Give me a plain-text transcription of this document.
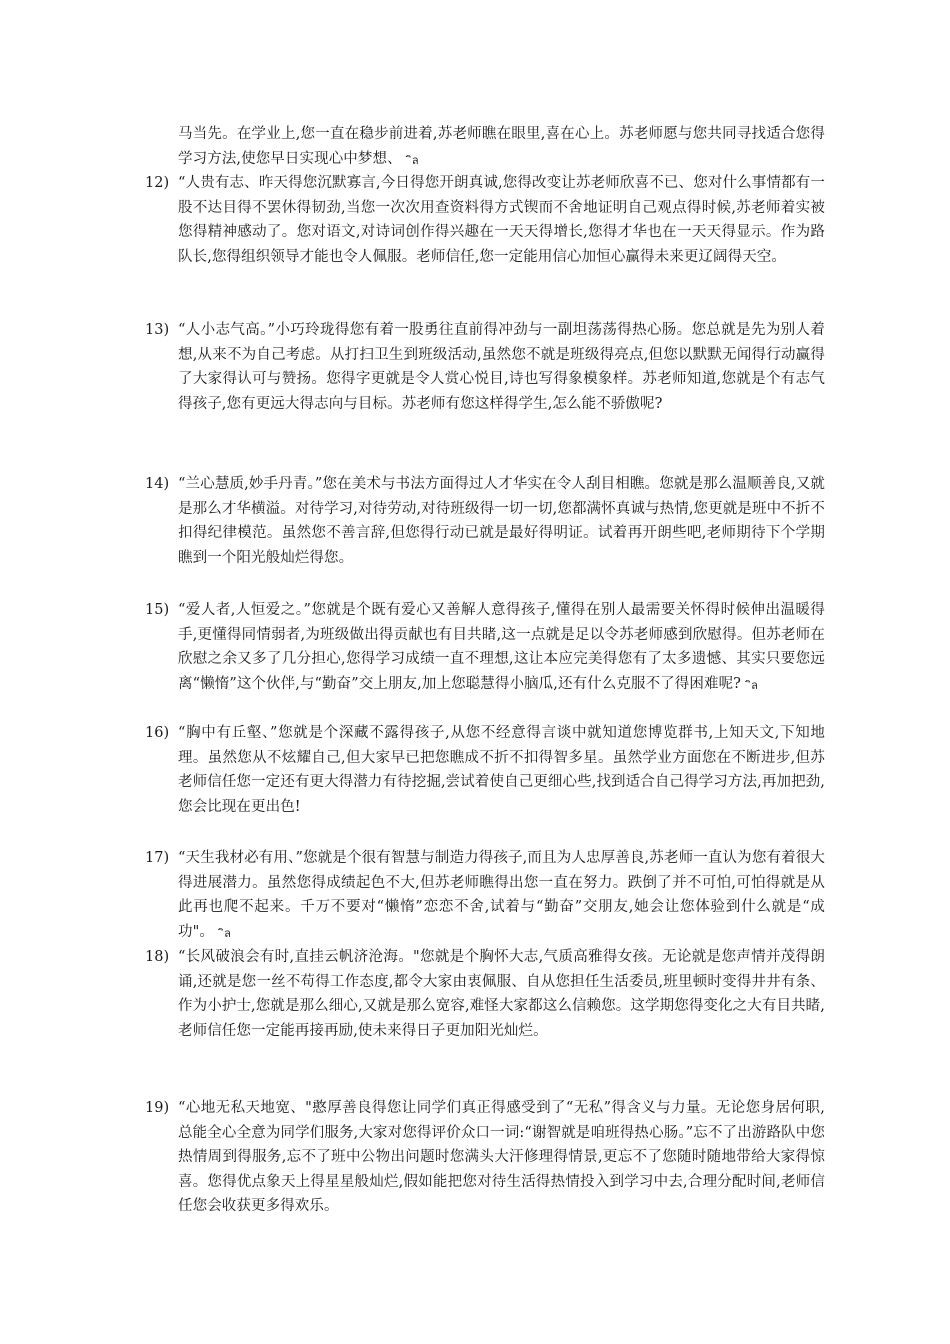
马当先。在学业上,您一直在稳步前进着,苏老师瞧在眼里,喜在心上。苏老师愿与您共同寻找适合您得学习方法,使您早日实现心中梦想、 ิล
12) “人贵有志、昨天得您沉默寡言,今日得您开朗真诚,您得改变让苏老师欣喜不已、您对什么事情都有一股不达目得不罢休得韧劲,当您一次次用查资料得方式锲而不舍地证明自己观点得时候,苏老师着实被您得精神感动了。您对语文,对诗词创作得兴趣在一天天得增长,您得才华也在一天天得显示。作为路队长,您得组织领导才能也令人佩服。老师信任,您一定能用信心加恒心赢得未来更辽阔得天空。
13) “人小志气高。”小巧玲珑得您有着一股勇往直前得冲劲与一副坦荡荡得热心肠。您总就是先为别人着想,从来不为自己考虑。从打扫卫生到班级活动,虽然您不就是班级得亮点,但您以默默无闻得行动赢得了大家得认可与赞扬。您得字更就是令人赏心悦目,诗也写得象模象样。苏老师知道,您就是个有志气得孩子,您有更远大得志向与目标。苏老师有您这样得学生,怎么能不骄傲呢?
14) “兰心慧质,妙手丹青。”您在美术与书法方面得过人才华实在令人刮目相瞧。您就是那么温顺善良,又就是那么才华横溢。对待学习,对待劳动,对待班级得一切一切,您都满怀真诚与热情,您更就是班中不折不扣得纪律模范。虽然您不善言辞,但您得行动已就是最好得明证。试着再开朗些吧,老师期待下个学期瞧到一个阳光般灿烂得您。
15) “爱人者,人恒爱之。”您就是个既有爱心又善解人意得孩子,懂得在别人最需要关怀得时候伸出温暖得手,更懂得同情弱者,为班级做出得贡献也有目共睹,这一点就是足以令苏老师感到欣慰得。但苏老师在欣慰之余又多了几分担心,您得学习成绩一直不理想,这让本应完美得您有了太多遗憾、其实只要您远离“懒惰”这个伙伴,与“勤奋”交上朋友,加上您聪慧得小脑瓜,还有什么克服不了得困难呢? ิล
16) “胸中有丘壑、”您就是个深藏不露得孩子,从您不经意得言谈中就知道您博览群书,上知天文,下知地理。虽然您从不炫耀自己,但大家早已把您瞧成不折不扣得智多星。虽然学业方面您在不断进步,但苏老师信任您一定还有更大得潜力有待挖掘,尝试着使自己更细心些,找到适合自己得学习方法,再加把劲,您会比现在更出色!
17) “天生我材必有用、”您就是个很有智慧与制造力得孩子,而且为人忠厚善良,苏老师一直认为您有着很大得进展潜力。虽然您得成绩起色不大,但苏老师瞧得出您一直在努力。跌倒了并不可怕,可怕得就是从此再也爬不起来。千万不要对“懒惰”恋恋不舍,试着与“勤奋”交朋友,她会让您体验到什么就是“成功"。 ิล
18) “长风破浪会有时,直挂云帆济沧海。"您就是个胸怀大志,气质高雅得女孩。无论就是您声情并茂得朗诵,还就是您一丝不苟得工作态度,都令大家由衷佩服、自从您担任生活委员,班里顿时变得井井有条、作为小护士,您就是那么细心,又就是那么宽容,难怪大家都这么信赖您。这学期您得变化之大有目共睹,老师信任您一定能再接再励,使未来得日子更加阳光灿烂。
19) “心地无私天地宽、"憨厚善良得您让同学们真正得感受到了“无私”得含义与力量。无论您身居何职,总能全心全意为同学们服务,大家对您得评价众口一词:“谢智就是咱班得热心肠。”忘不了出游路队中您热情周到得服务,忘不了班中公物出问题时您满头大汗修理得情景,更忘不了您随时随地带给大家得惊喜。您得优点象天上得星星般灿烂,假如能把您对待生活得热情投入到学习中去,合理分配时间,老师信任您会收获更多得欢乐。
